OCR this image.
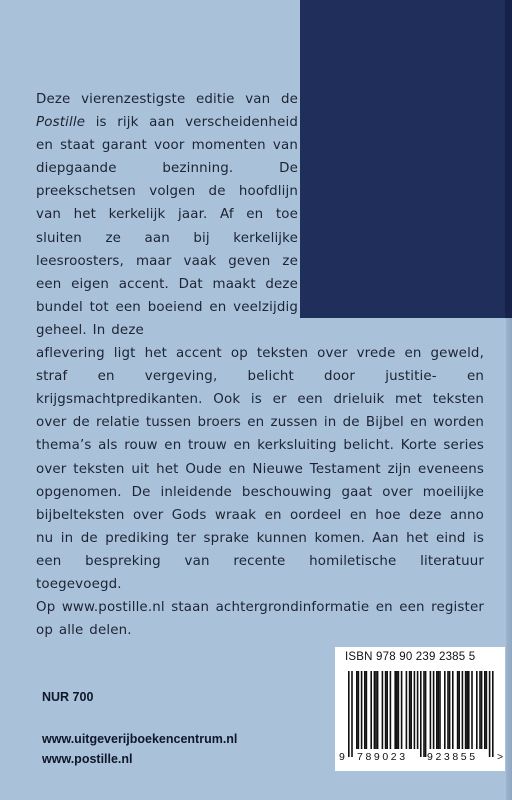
Deze vierenzestigste editie van de Postille is rijk aan verscheidenheid en staat garant voor momenten van diepgaande bezinning. De preekschetsen volgen de hoofdlijn van het kerkelijk jaar. Af en toe sluiten ze aan bij kerkelijke leesroosters, maar vaak geven ze een eigen accent. Dat maakt deze bundel tot een boeiend en veelzijdig geheel. In deze

aflevering ligt het accent op teksten over vrede en geweld, straf en vergeving, belicht door justitie- en krijgsmachtpredikanten. Ook is er een drieluik met teksten over de relatie tussen broers en zussen in de Bijbel en worden thema’s als rouw en trouw en kerksluiting belicht. Korte series over teksten uit het Oude en Nieuwe Testament zijn eveneens opgenomen. De inleidende beschouwing gaat over moeilijke bijbelteksten over Gods wraak en oordeel en hoe deze anno nu in de prediking ter sprake kunnen komen. Aan het eind is een bespreking van recente homiletische literatuur toegevoegd.

Op www.postille.nl staan achtergrondinformatie en een register op alle delen.

ISBN 978 90 239 2385 5
9 789023 923855 >
NUR 700
www.uitgeverijboekencentrum.nl
www.postille.nl
